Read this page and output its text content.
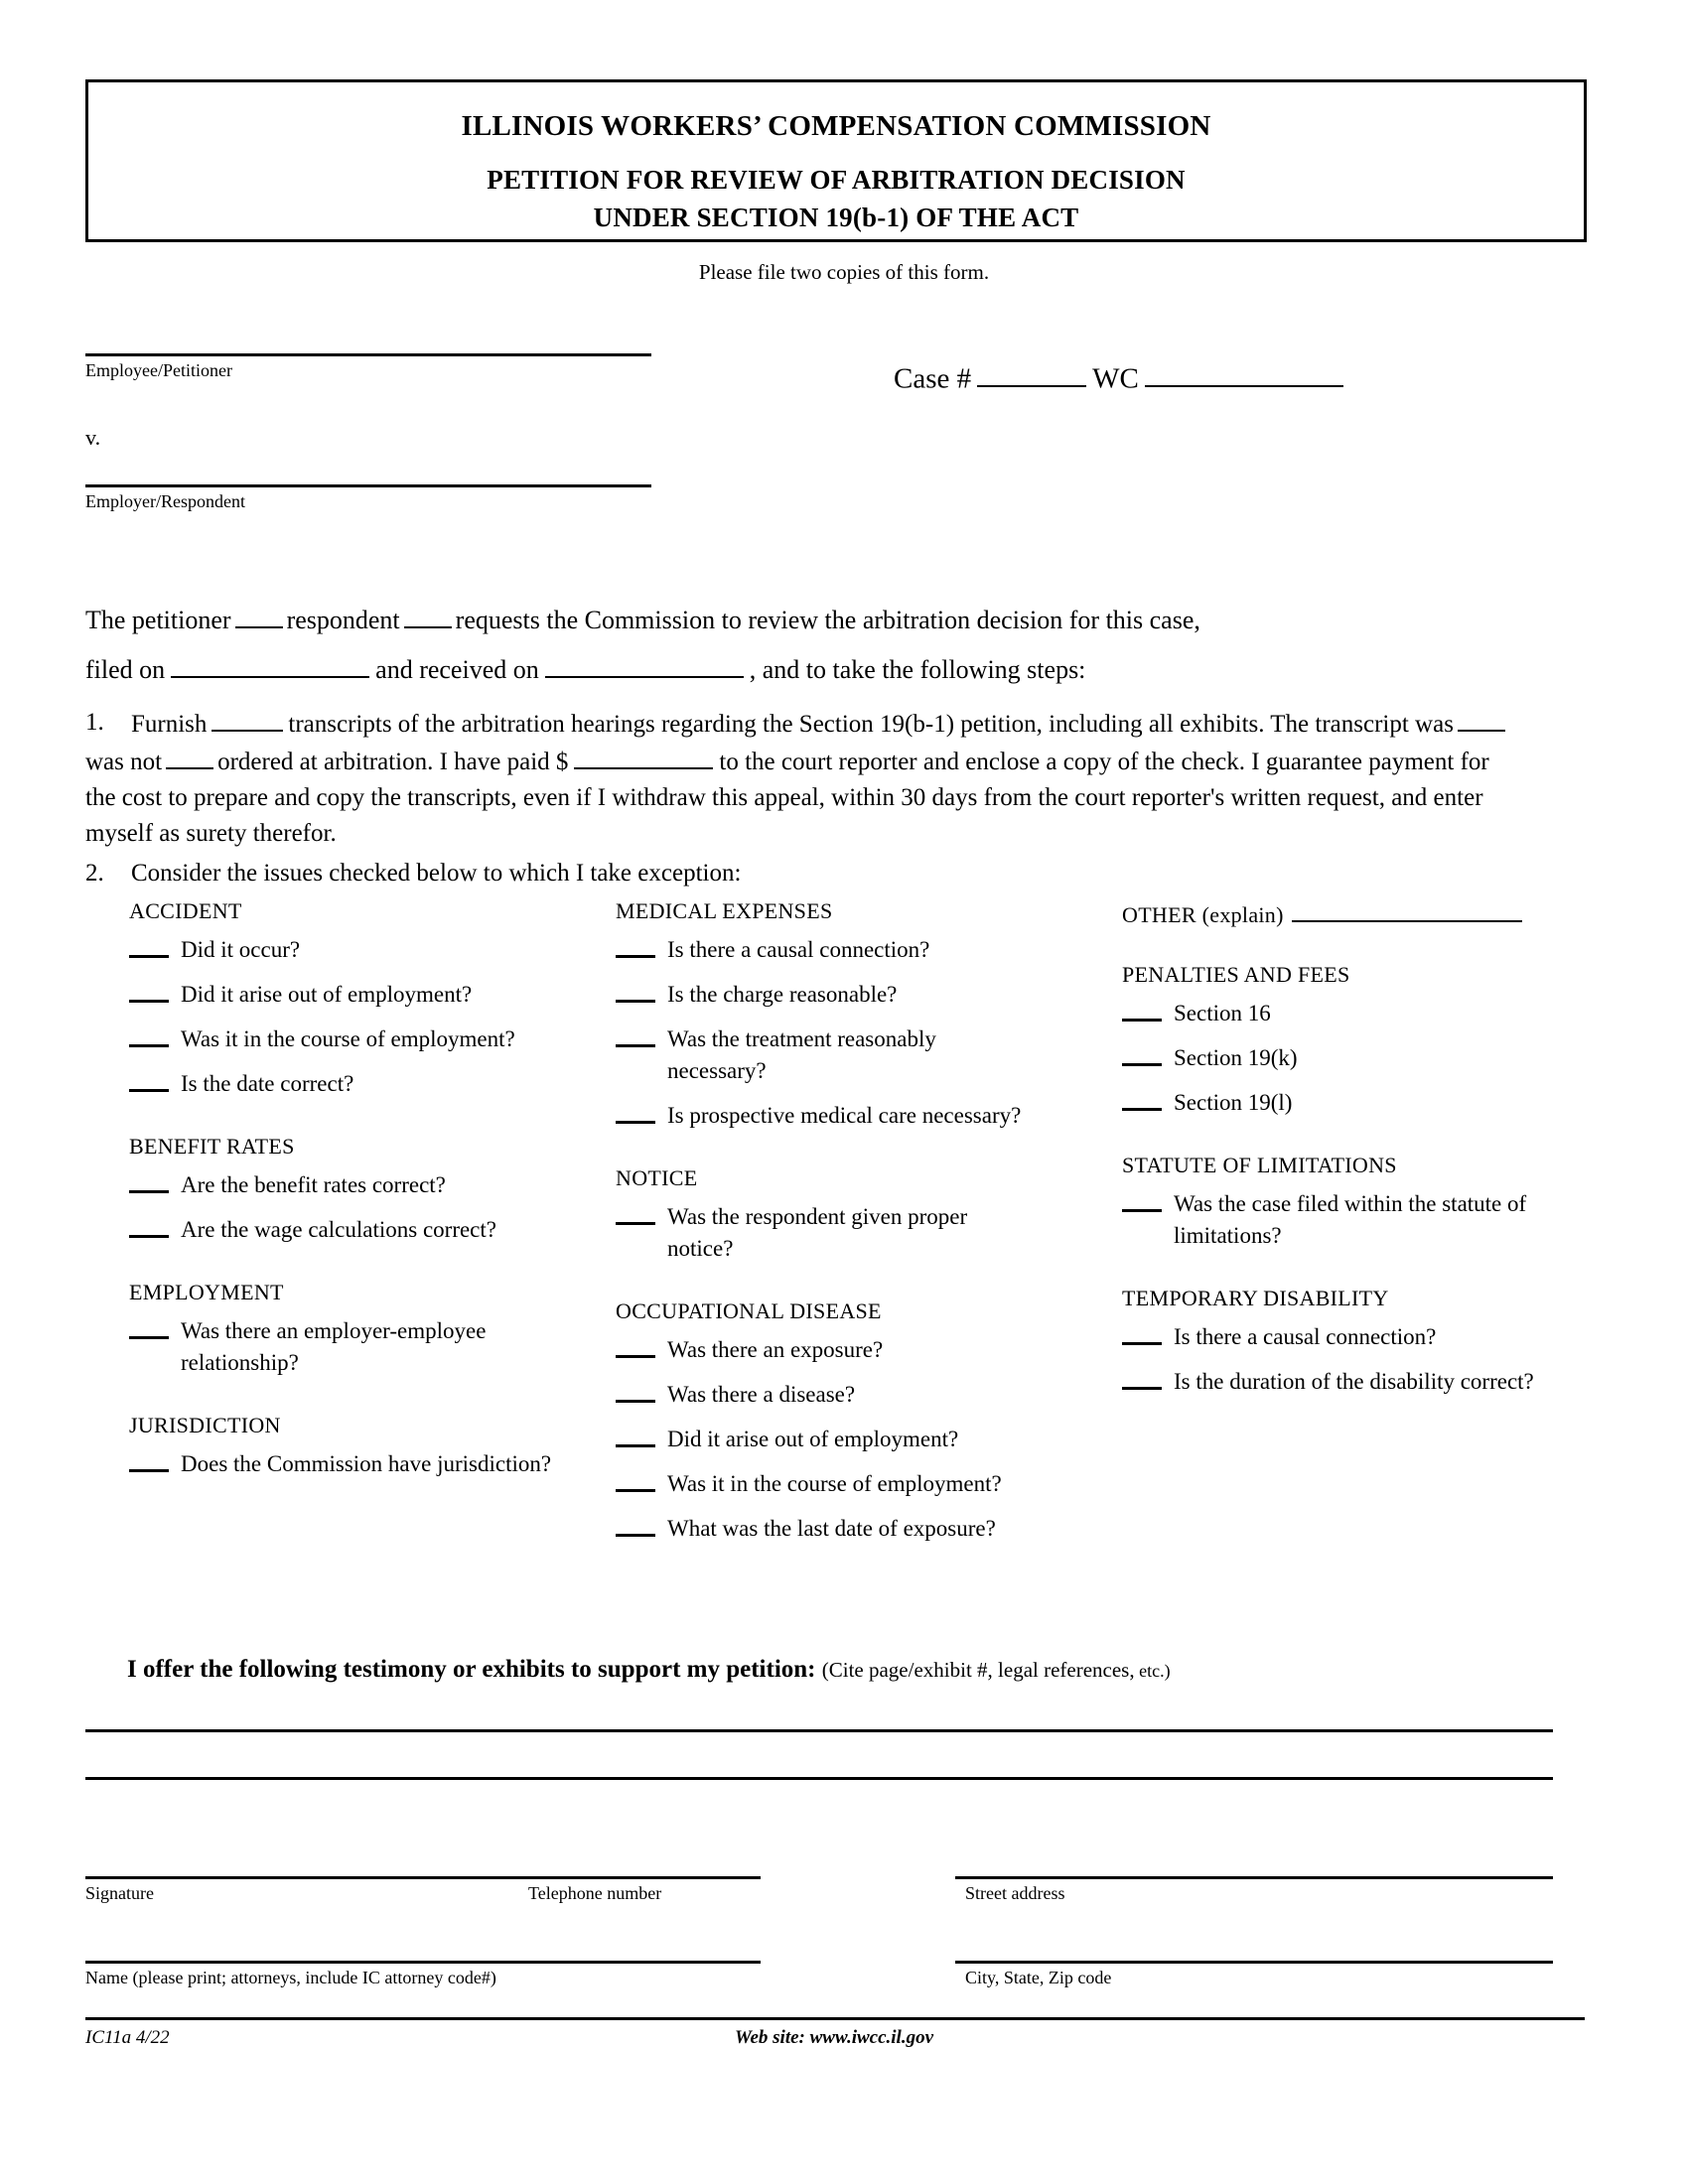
ILLINOIS WORKERS’ COMPENSATION COMMISSION
PETITION FOR REVIEW OF ARBITRATION DECISION
UNDER SECTION 19(b-1) OF THE ACT
Please file two copies of this form.
Case #	WC
Employee/Petitioner
v.
Employer/Respondent
The petitioner respondent requests the Commission to review the arbitration decision for this case,
filed on	and received on	, and to take the following steps:
1.	Furnish	transcripts of the arbitration hearings regarding the Section 19(b-1) petition, including all exhibits. The transcript waswas not ordered at arbitration. I have paid $	to the court reporter and enclose a copy of the check. I guarantee payment for the cost to prepare and copy the transcripts, even if I withdraw this appeal, within 30 days from the court reporter's written request, and enter myself as surety therefor.
2.	Consider the issues checked below to which I take exception:
ACCIDENT
Did it occur?
Did it arise out of employment?
Was it in the course of employment?
Is the date correct?
BENEFIT RATES
Are the benefit rates correct?
Are the wage calculations correct?
EMPLOYMENT
Was there an employer-employee relationship?
JURISDICTION
Does the Commission have jurisdiction?
MEDICAL EXPENSES
Is there a causal connection?
Is the charge reasonable?
Was the treatment reasonably necessary?
Is prospective medical care necessary?
NOTICE
Was the respondent given proper notice?
OCCUPATIONAL DISEASE
Was there an exposure?
Was there a disease?
Did it arise out of employment?
Was it in the course of employment?
What was the last date of exposure?
OTHER (explain)
PENALTIES AND FEES
Section 16
Section 19(k)
Section 19(l)
STATUTE OF LIMITATIONS
Was the case filed within the statute of limitations?
TEMPORARY DISABILITY
Is there a causal connection?
Is the duration of the disability correct?
I offer the following testimony or exhibits to support my petition: (Cite page/exhibit #, legal references, etc.)
Signature	Telephone number	Street address
Name (please print; attorneys, include IC attorney code#)	City, State, Zip code
IC11a 4/22	Web site: www.iwcc.il.gov
